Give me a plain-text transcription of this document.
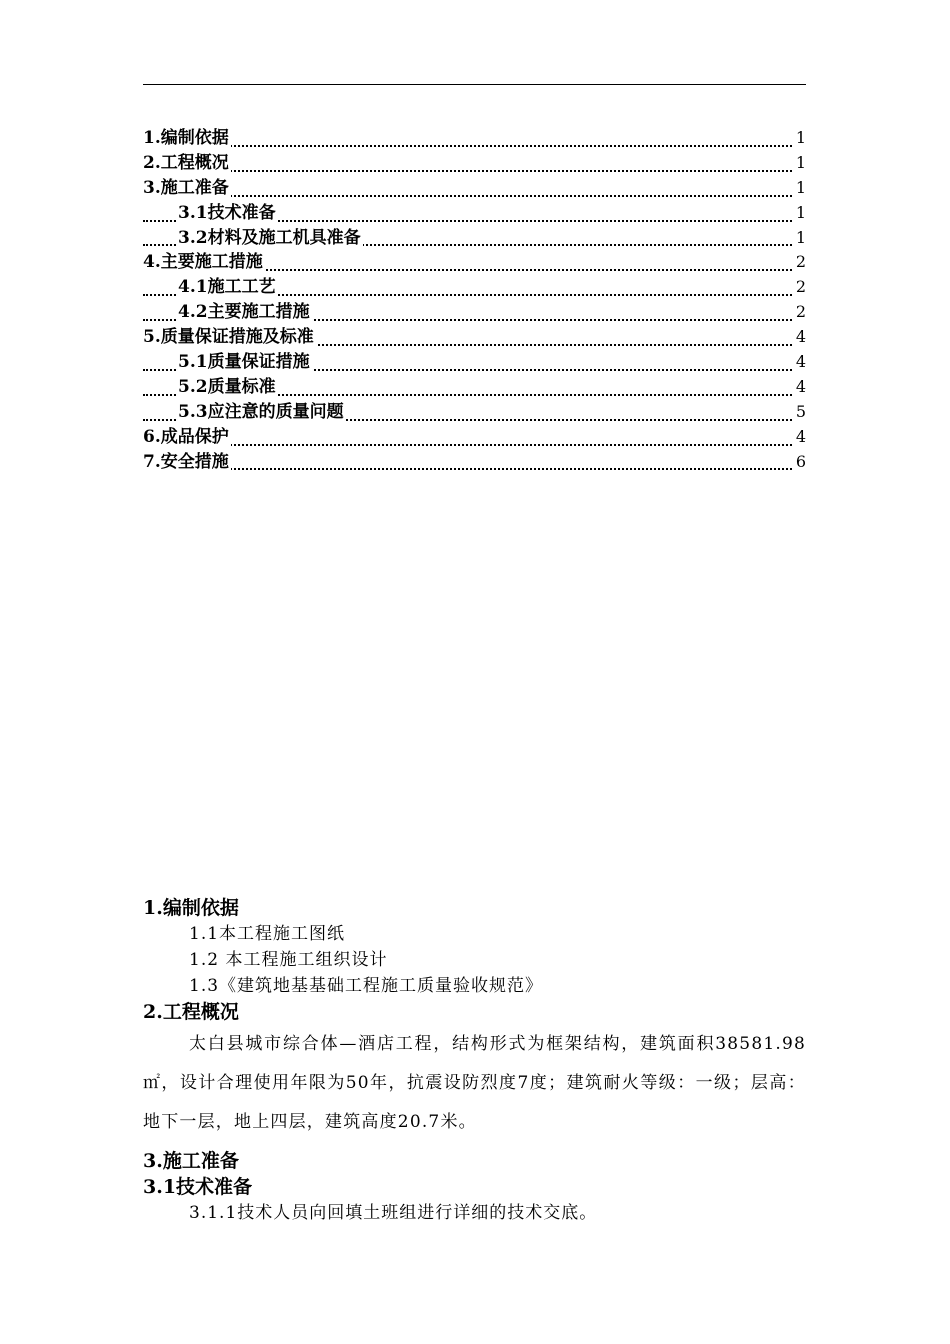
1.编制依据	1
2.工程概况	1
3.施工准备	1
3.1技术准备	1
3.2材料及施工机具准备	1
4.主要施工措施	2
4.1施工工艺	2
4.2主要施工措施	2
5.质量保证措施及标准	4
5.1质量保证措施	4
5.2质量标准	4
5.3应注意的质量问题	5
6.成品保护	4
7.安全措施	6
1.编制依据
1.1本工程施工图纸
1.2 本工程施工组织设计
1.3《建筑地基基础工程施工质量验收规范》
2.工程概况

太白县城市综合体—酒店工程，结构形式为框架结构，建筑面积38581.98㎡，设计合理使用年限为50年，抗震设防烈度7度；建筑耐火等级：一级；层高：地下一层，地上四层，建筑高度20.7米。

3.施工准备
3.1技术准备
3.1.1技术人员向回填土班组进行详细的技术交底。
